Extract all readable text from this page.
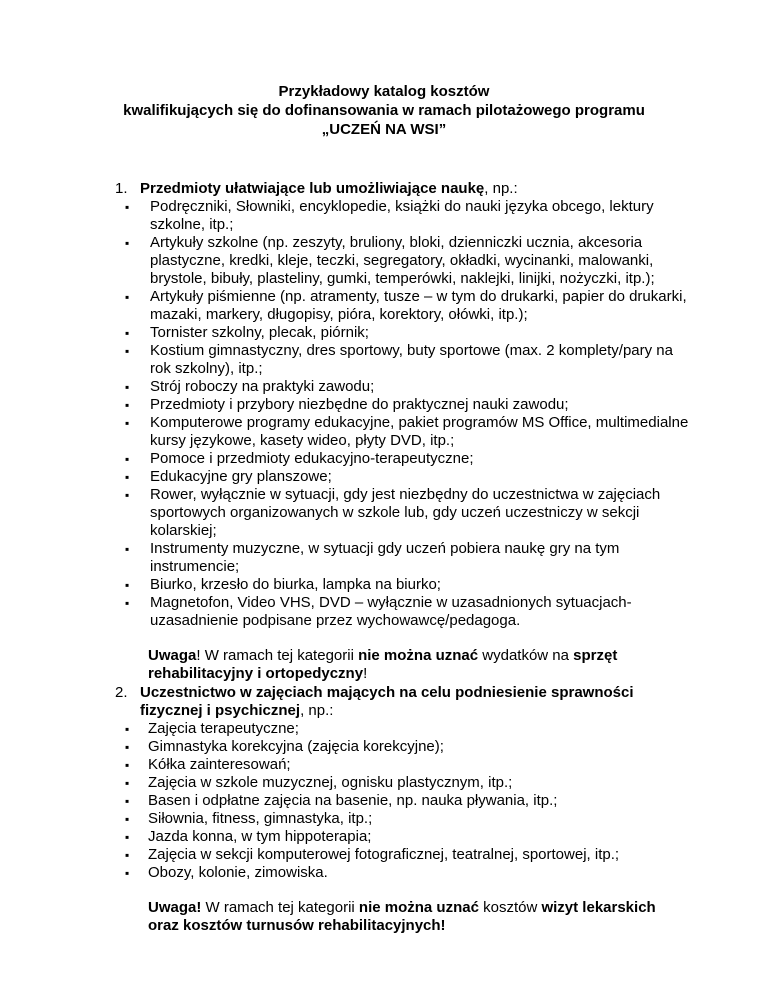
Przykładowy katalog kosztów
kwalifikujących się do dofinansowania w ramach pilotażowego programu
„UCZEŃ NA WSI”
1. Przedmioty ułatwiające lub umożliwiające naukę, np.:
▪ Podręczniki, Słowniki, encyklopedie, książki do nauki języka obcego, lektury szkolne, itp.;
▪ Artykuły szkolne (np. zeszyty, bruliony, bloki, dzienniczki ucznia, akcesoria plastyczne, kredki, kleje, teczki, segregatory, okładki, wycinanki, malowanki, brystole, bibuły, plasteliny, gumki, temperówki, naklejki, linijki, nożyczki, itp.);
▪ Artykuły piśmienne (np. atramenty, tusze – w tym do drukarki, papier do drukarki, mazaki, markery, długopisy, pióra, korektory, ołówki, itp.);
▪ Tornister szkolny, plecak, piórnik;
▪ Kostium gimnastyczny, dres sportowy, buty sportowe (max. 2 komplety/pary na rok szkolny), itp.;
▪ Strój roboczy na praktyki zawodu;
▪ Przedmioty i przybory niezbędne do praktycznej nauki zawodu;
▪ Komputerowe programy edukacyjne, pakiet programów MS Office, multimedialne kursy językowe, kasety wideo, płyty DVD, itp.;
▪ Pomoce i przedmioty edukacyjno-terapeutyczne;
▪ Edukacyjne gry planszowe;
▪ Rower, wyłącznie w sytuacji, gdy jest niezbędny do uczestnictwa w zajęciach sportowych organizowanych w szkole lub, gdy uczeń uczestniczy w sekcji kolarskiej;
▪ Instrumenty muzyczne, w sytuacji gdy uczeń pobiera naukę gry na tym instrumencie;
▪ Biurko, krzesło do biurka, lampka na biurko;
▪ Magnetofon, Video VHS, DVD – wyłącznie w uzasadnionych sytuacjach- uzasadnienie podpisane przez wychowawcę/pedagoga.
Uwaga! W ramach tej kategorii nie można uznać wydatków na sprzęt rehabilitacyjny i ortopedyczny!
2. Uczestnictwo w zajęciach mających na celu podniesienie sprawności fizycznej i psychicznej, np.:
▪ Zajęcia terapeutyczne;
▪ Gimnastyka korekcyjna (zajęcia korekcyjne);
▪ Kółka zainteresowań;
▪ Zajęcia w szkole muzycznej, ognisku plastycznym, itp.;
▪ Basen i odpłatne zajęcia na basenie, np. nauka pływania, itp.;
▪ Siłownia, fitness, gimnastyka, itp.;
▪ Jazda konna, w tym hippoterapia;
▪ Zajęcia w sekcji komputerowej fotograficznej, teatralnej, sportowej, itp.;
▪ Obozy, kolonie, zimowiska.
Uwaga! W ramach tej kategorii nie można uznać kosztów wizyt lekarskich oraz kosztów turnusów rehabilitacyjnych!
